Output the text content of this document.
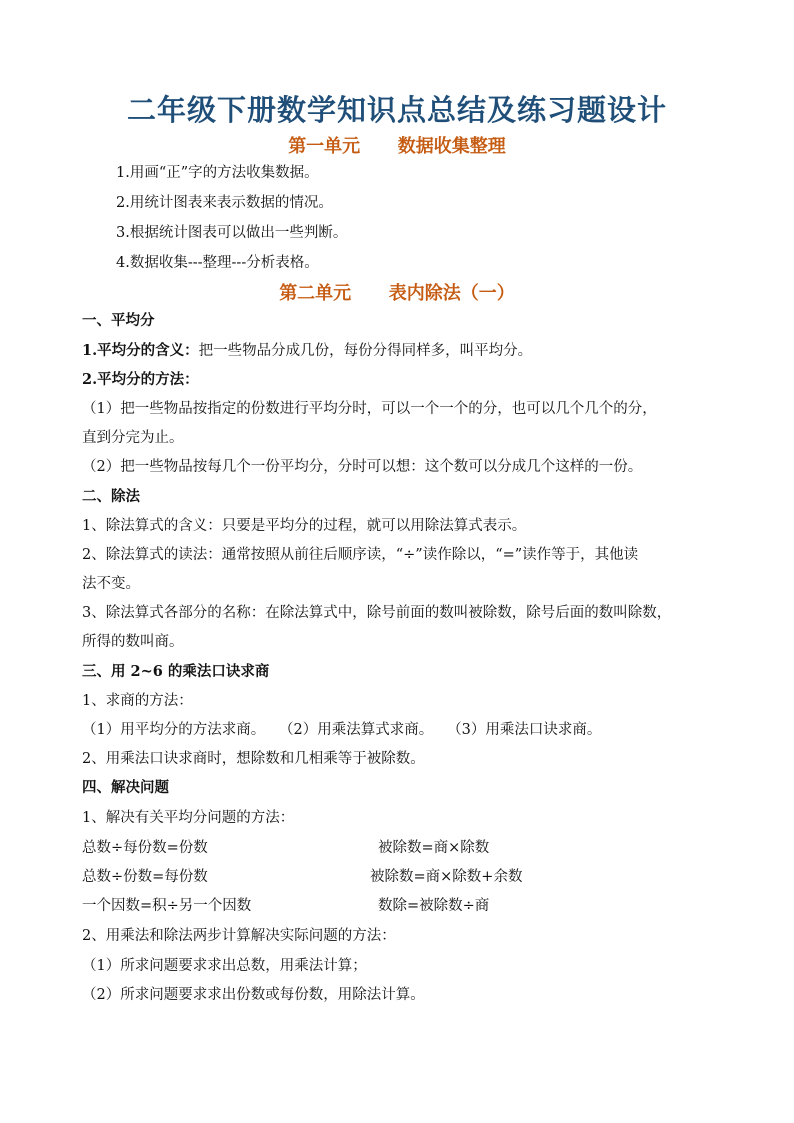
二年级下册数学知识点总结及练习题设计
第一单元      数据收集整理
1.用画“正”字的方法收集数据。
2.用统计图表来表示数据的情况。
3.根据统计图表可以做出一些判断。
4.数据收集---整理---分析表格。
第二单元      表内除法（一）
一、平均分
1.平均分的含义：把一些物品分成几份，每份分得同样多，叫平均分。
2.平均分的方法：
（1）把一些物品按指定的份数进行平均分时，可以一个一个的分，也可以几个几个的分，
直到分完为止。
（2）把一些物品按每几个一份平均分，分时可以想：这个数可以分成几个这样的一份。
二、除法
1、除法算式的含义：只要是平均分的过程，就可以用除法算式表示。
2、除法算式的读法：通常按照从前往后顺序读，“÷”读作除以，“=”读作等于，其他读
法不变。
3、除法算式各部分的名称：在除法算式中，除号前面的数叫被除数，除号后面的数叫除数，
所得的数叫商。
三、用 2~6 的乘法口诀求商
1、求商的方法：
（1）用平均分的方法求商。   （2）用乘法算式求商。   （3）用乘法口诀求商。
2、用乘法口诀求商时，想除数和几相乘等于被除数。
四、解决问题
1、解决有关平均分问题的方法：
总数÷每份数=份数	被除数=商×除数
总数÷份数=每份数	被除数=商×除数+余数
一个因数=积÷另一个因数	数除=被除数÷商
2、用乘法和除法两步计算解决实际问题的方法：
（1）所求问题要求求出总数，用乘法计算；
（2）所求问题要求求出份数或每份数，用除法计算。
